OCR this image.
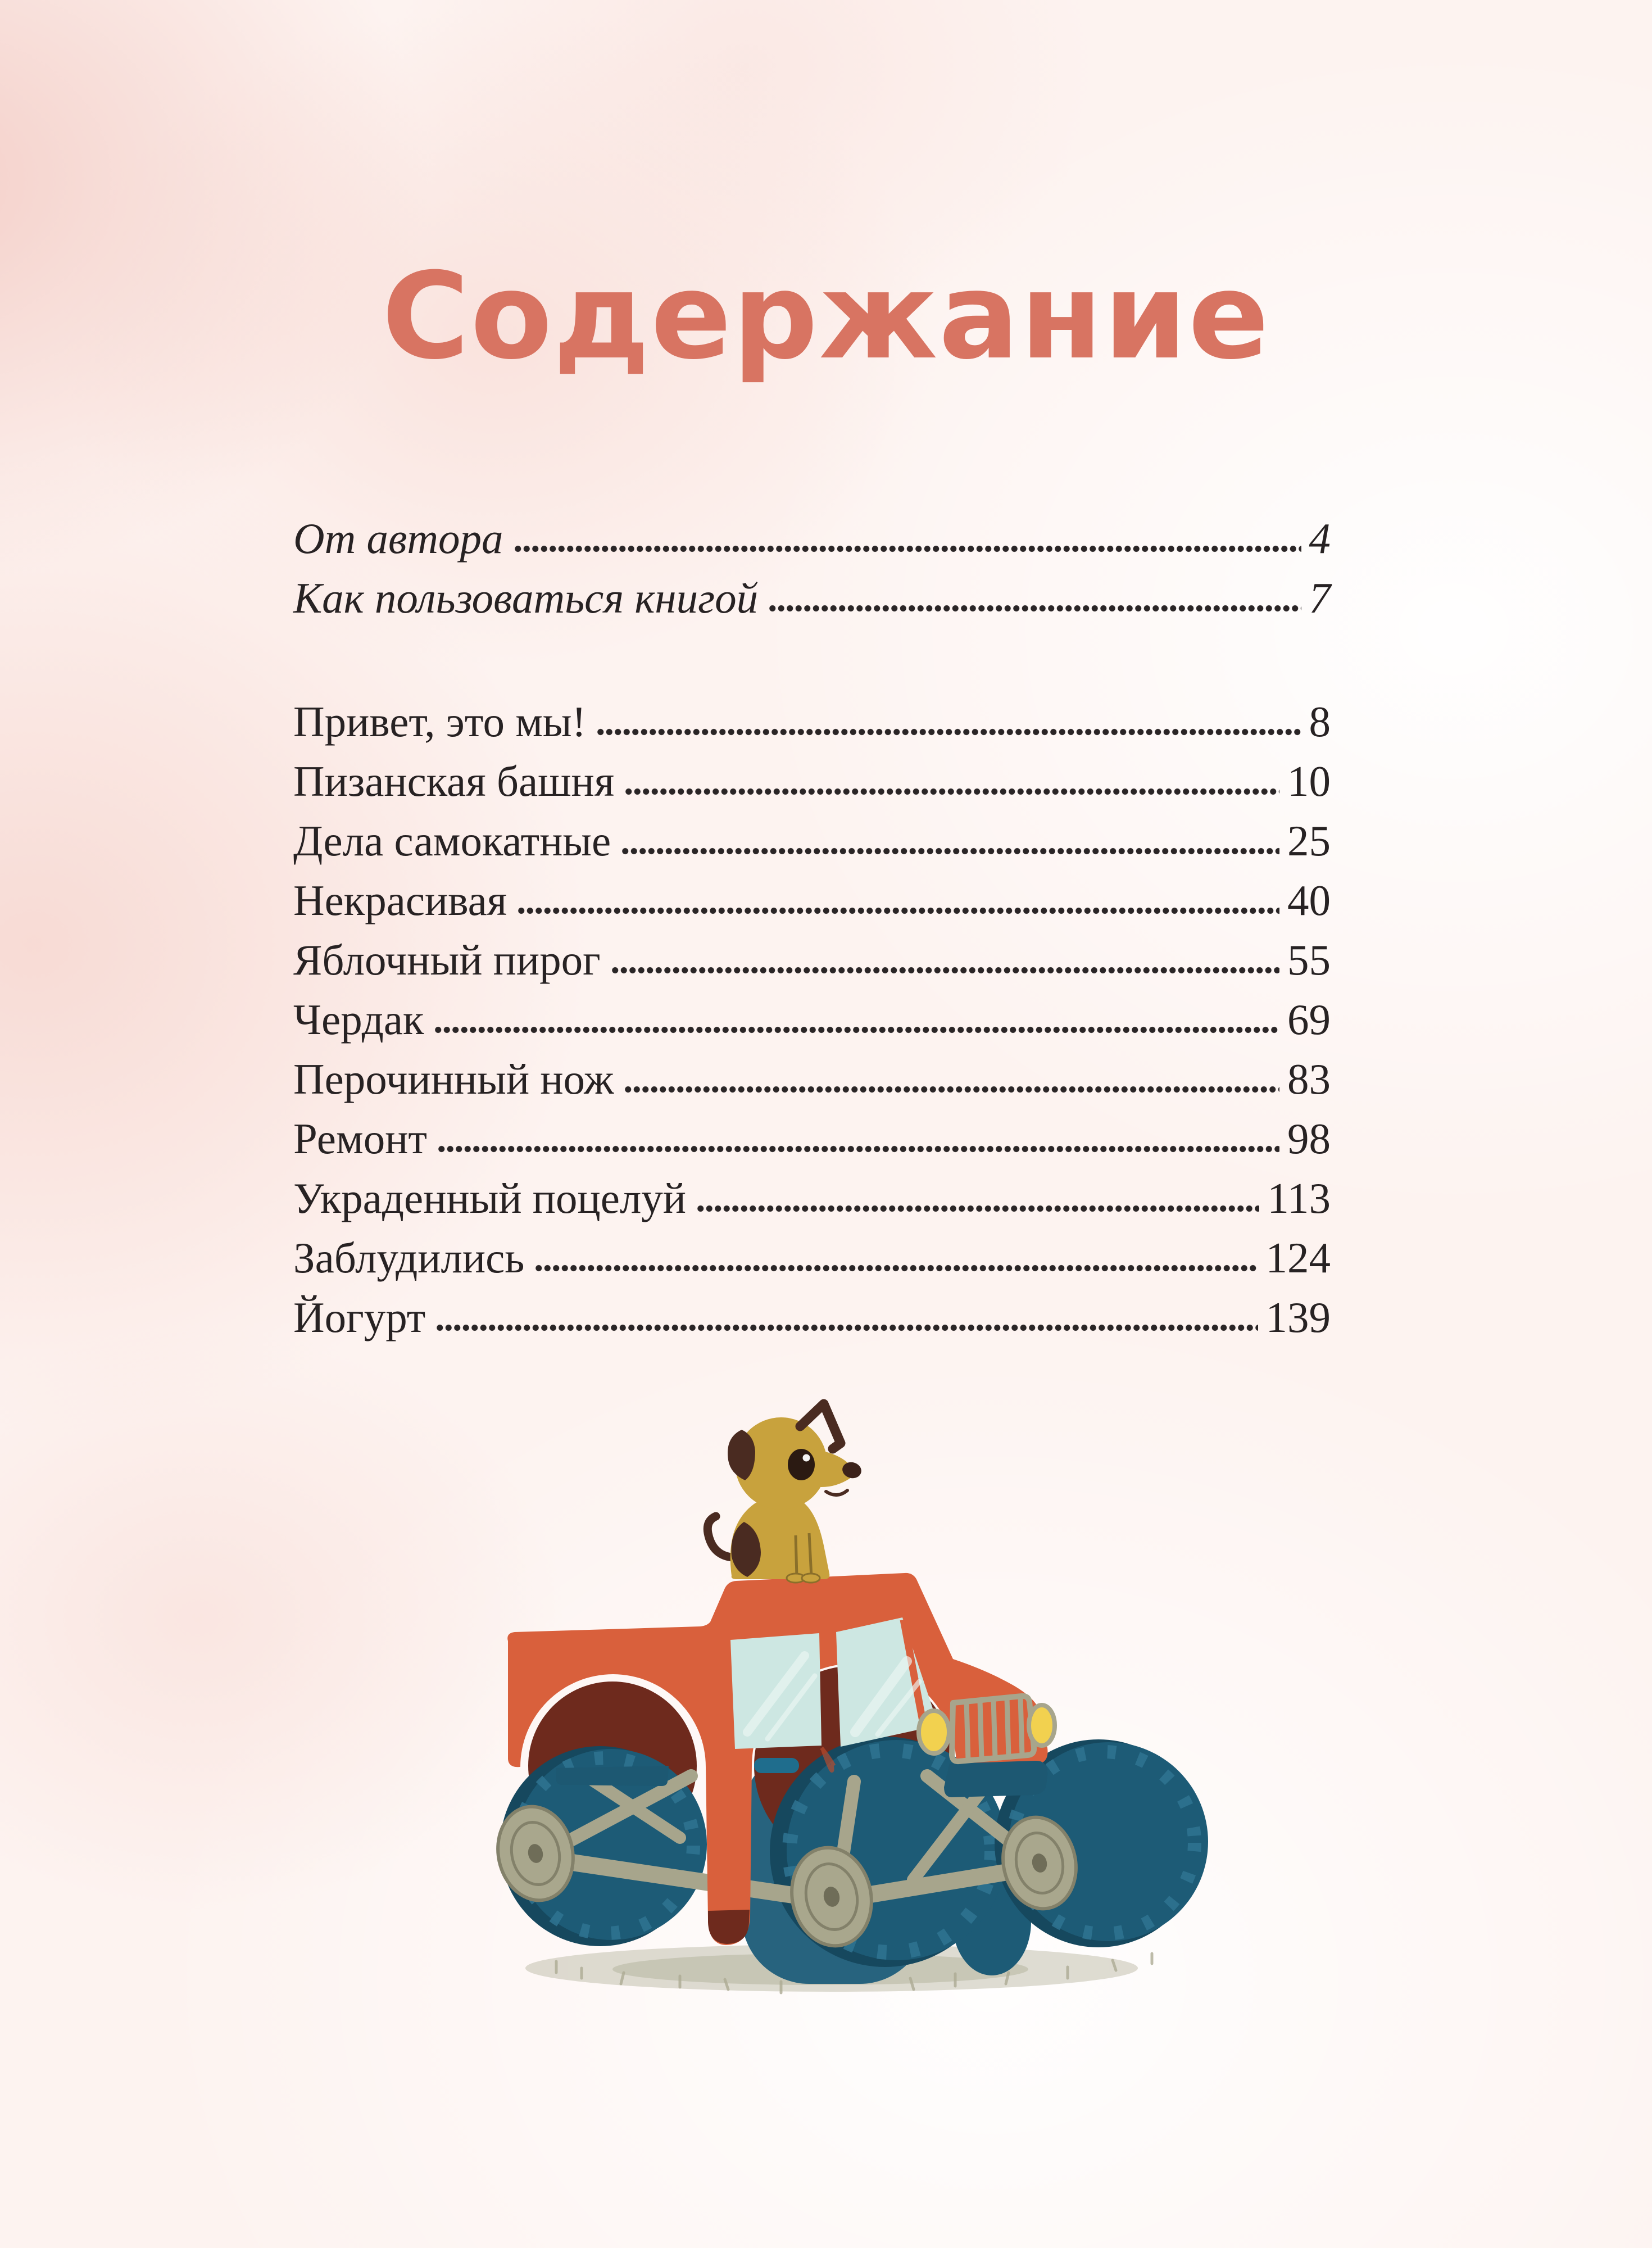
Содержание
От автора	4
Как пользоваться книгой	7
Привет, это мы!	8
Пизанская башня	10
Дела самокатные	25
Некрасивая	40
Яблочный пирог	55
Чердак	69
Перочинный нож	83
Ремонт	98
Украденный поцелуй	113
Заблудились	124
Йогурт	139
